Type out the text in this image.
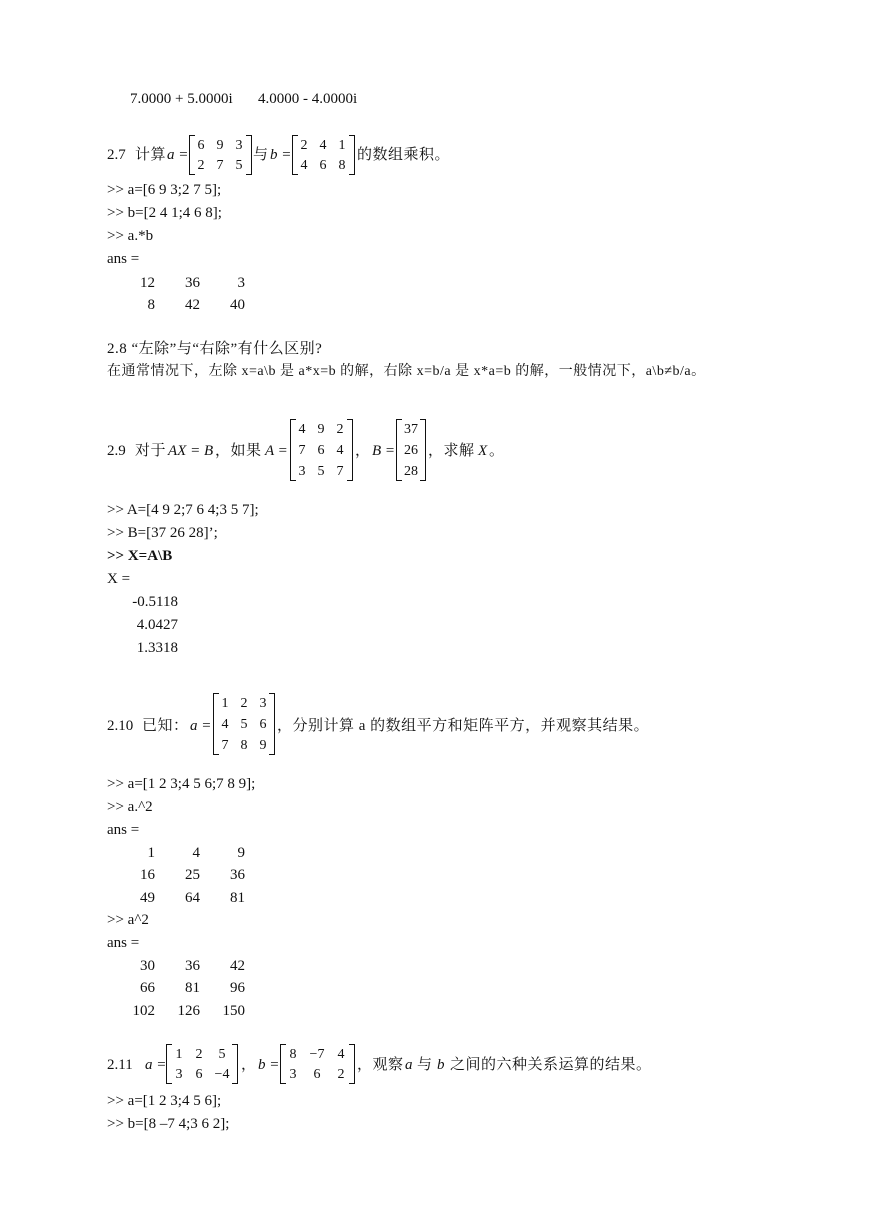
7.0000 + 5.0000i 4.0000 - 4.0000i
2.7 计算 a =
6 9 3
2 7 5
与 b =
2 4 1
4 6 8
的数组乘积。
>> a=[6 9 3;2 7 5];
>> b=[2 4 1;4 6 8];
>> a.*b
ans =
12	36	3
8	42	40
2.8 “左除”与“右除”有什么区别?
在通常情况下，左除 x=a\b 是 a*x=b 的解，右除 x=b/a 是 x*a=b 的解，一般情况下，a\b≠b/a。
2.9 对于 AX = B ，如果 A =
4 9 2
7 6 4
3 5 7
， B =
37
26
28
，求解 X 。
>> A=[4 9 2;7 6 4;3 5 7];
>> B=[37 26 28]’;
>> X=A\B
X =
-0.5118
4.0427
1.3318
2.10 已知： a =
1 2 3
4 5 6
7 8 9
，分别计算 a 的数组平方和矩阵平方，并观察其结果。
>> a=[1 2 3;4 5 6;7 8 9];
>> a.^2
ans =
1	4	9
16	25	36
49	64	81
>> a^2
ans =
30	36	42
66	81	96
102	126	150
2.11 a =
1 2	5
3 6 −4
， b =
8 −7 4
3	6	2
，观察 a 与 b 之间的六种关系运算的结果。
>> a=[1 2 3;4 5 6];
>> b=[8 –7 4;3 6 2];
